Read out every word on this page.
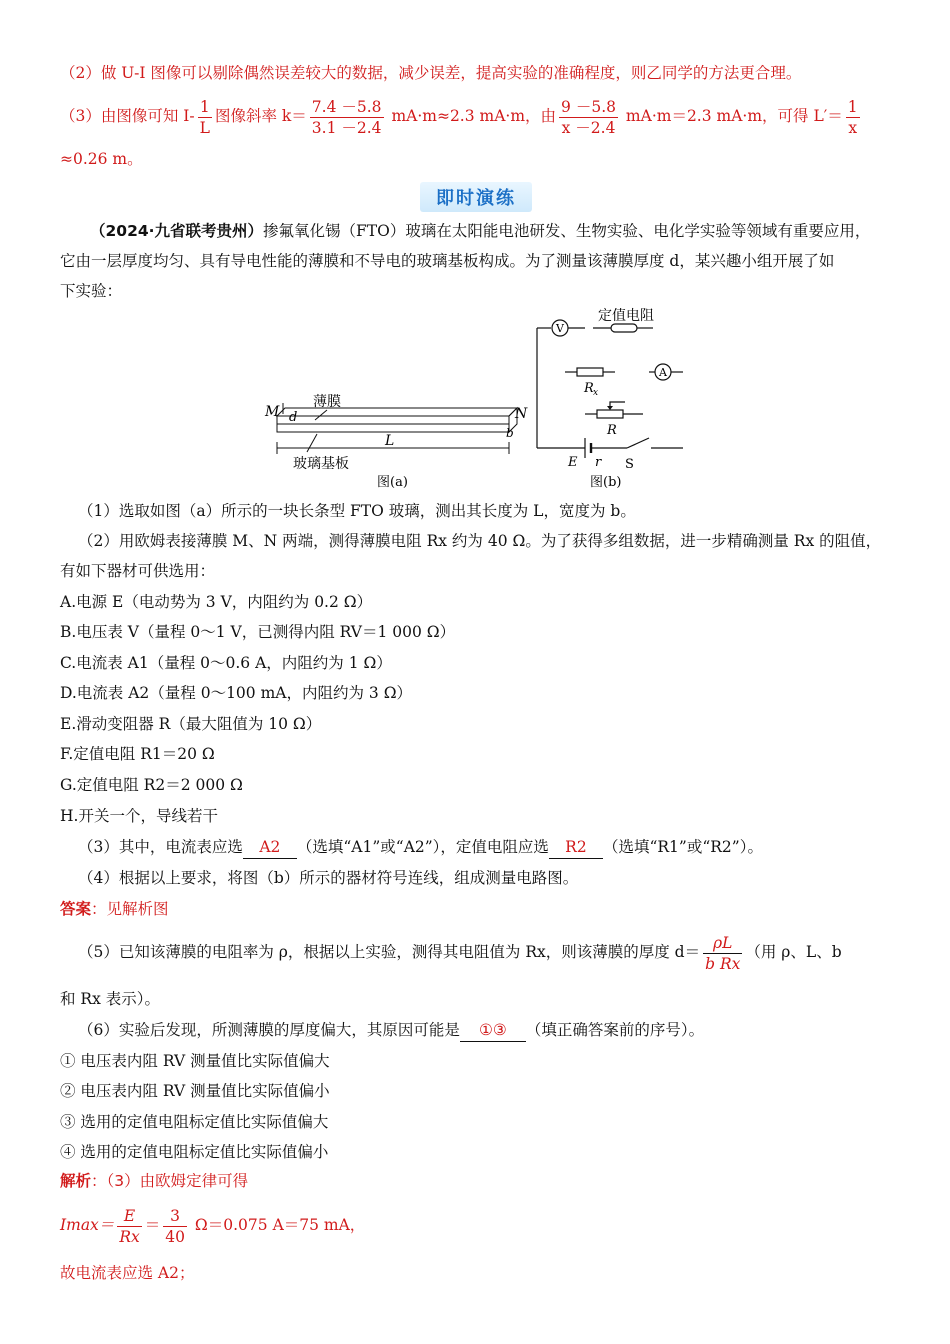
（2）做 U-I 图像可以剔除偶然误差较大的数据，减少误差，提高实验的准确程度，则乙同学的方法更合理。
（3）由图像可知 $I- \frac{1}{L}$ 图像斜率 $k= \frac{7.4 -5.8}{3.1 -2.4} mA\cdot m\approx 2.3$ mA·m，由 $\frac{9 -5.8}{x -2.4} mA\cdot m=2.3$ mA·m，可得 $L'= \frac{1}{x}$
≈0.26 m。
即时演练
（2024·九省联考贵州）掺氟氧化锡（FTO）玻璃在太阳能电池研发、生物实验、电化学实验等领域有重要应用，
它由一层厚度均匀、具有导电性能的薄膜和不导电的玻璃基板构成。为了测量该薄膜厚度 d，某兴趣小组开展了如
下实验：
M d
薄膜
N
b
L
玻璃基板
图(a)
V
定值电阻
R x
A
R
E r S
图(b)
（1）选取如图（a）所示的一块长条型 FTO 玻璃，测出其长度为 L，宽度为 b。
（2）用欧姆表接薄膜 M、N 两端，测得薄膜电阻 Rx 约为 40 Ω。为了获得多组数据，进一步精确测量 Rx 的阻值，
有如下器材可供选用：
A.电源 E（电动势为 3 V，内阻约为 0.2 Ω）
B.电压表 V（量程 0～1 V，已测得内阻 RV＝1 000 Ω）
C.电流表 A1（量程 0～0.6 A，内阻约为 1 Ω）
D.电流表 A2（量程 0～100 mA，内阻约为 3 Ω）
E.滑动变阻器 R（最大阻值为 10 Ω）
F.定值电阻 R1＝20 Ω
G.定值电阻 R2＝2 000 Ω
H.开关一个，导线若干
（3）其中，电流表应选 A2 （选填“A1”或“A2”），定值电阻应选 R2 （选填“R1”或“R2”）。
（4）根据以上要求，将图（b）所示的器材符号连线，组成测量电路图。
答案：见解析图
（5）已知该薄膜的电阻率为 ρ，根据以上实验，测得其电阻值为 Rx，则该薄膜的厚度 $d= \frac{\rho L}{\text{b Rx}}$ （用 ρ、L、b
和 Rx 表示）。
（6）实验后发现，所测薄膜的厚度偏大，其原因可能是 ①③ （填正确答案前的序号）。
① 电压表内阻 RV 测量值比实际值偏大
② 电压表内阻 RV 测量值比实际值偏小
③ 选用的定值电阻标定值比实际值偏大
④ 选用的定值电阻标定值比实际值偏小
解析：（3）由欧姆定律可得
$Imax= \frac{E}{Rx} = \frac{3}{40} \Omega=0.075$ A＝75 mA，
故电流表应选 A2；
